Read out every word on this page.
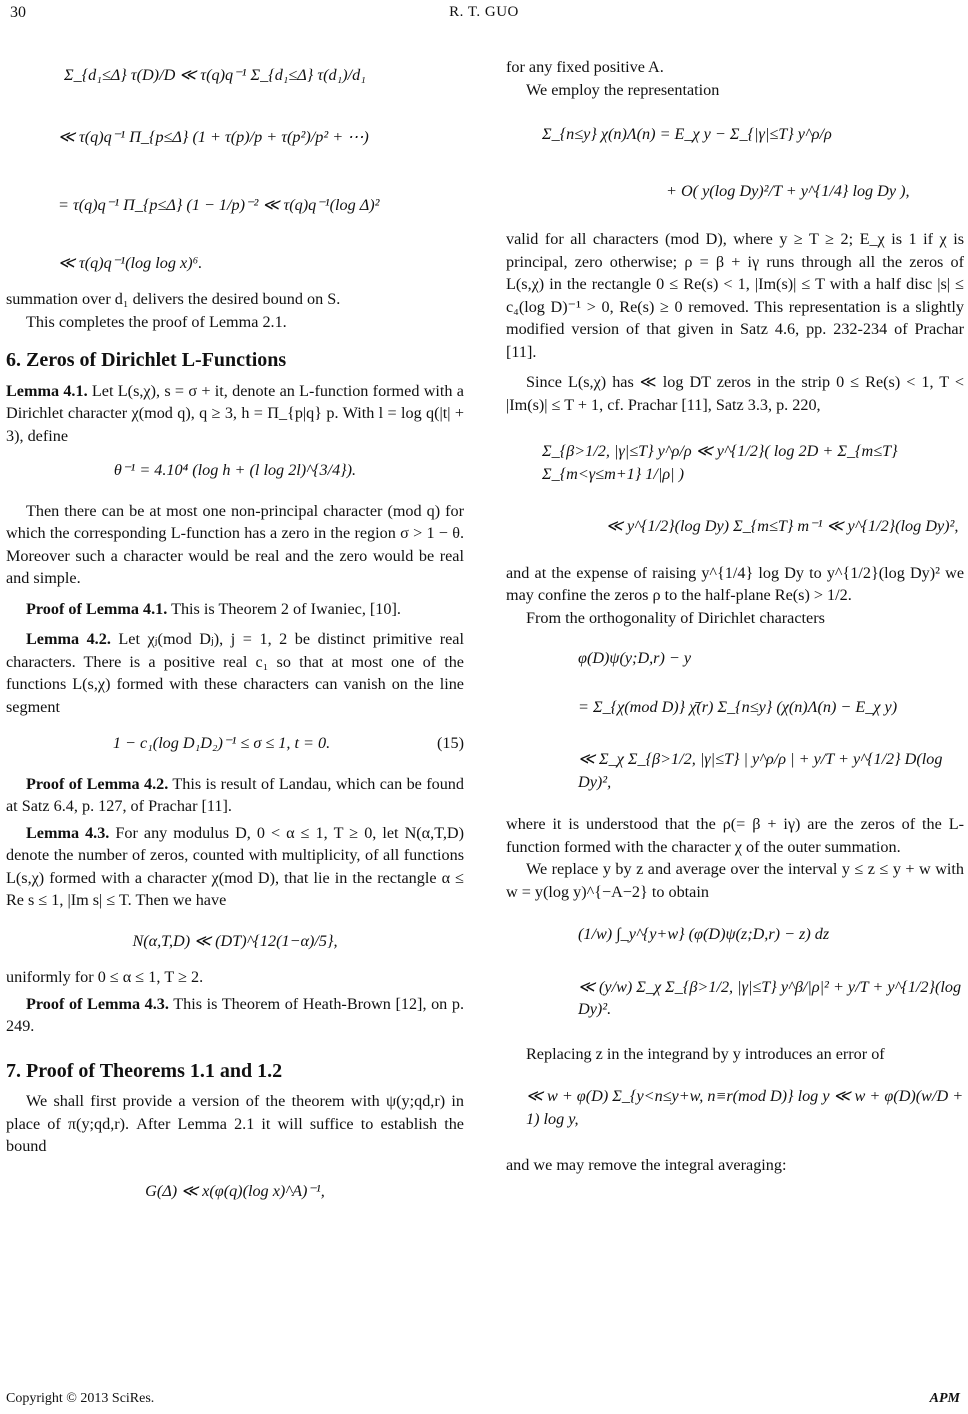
30	R. T. GUO
Σ_{d₁≤Δ} τ(D)/D ≪ τ(q)q⁻¹ Σ_{d₁≤Δ} τ(d₁)/d₁
≪ τ(q)q⁻¹ Π_{p≤Δ} (1 + τ(p)/p + τ(p²)/p² + ⋯)
= τ(q)q⁻¹ Π_{p≤Δ} (1 − 1/p)⁻² ≪ τ(q)q⁻¹(log Δ)²
≪ τ(q)q⁻¹(log log x)⁶.

summation over d₁ delivers the desired bound on S.

This completes the proof of Lemma 2.1.

6. Zeros of Dirichlet L-Functions

Lemma 4.1. Let L(s,χ), s = σ + it, denote an L-function formed with a Dirichlet character χ(mod q), q ≥ 3, h = Π_{p|q} p. With l = log q(|t| + 3), define

θ⁻¹ = 4.10⁴ (log h + (l log 2l)^{3/4}).

Then there can be at most one non-principal character (mod q) for which the corresponding L-function has a zero in the region σ > 1 − θ. Moreover such a character would be real and the zero would be real and simple.

Proof of Lemma 4.1. This is Theorem 2 of Iwaniec, [10].

Lemma 4.2. Let χⱼ(mod Dⱼ), j = 1, 2 be distinct primitive real characters. There is a positive real c₁ so that at most one of the functions L(s,χ) formed with these characters can vanish on the line segment

1 − c₁(log D₁D₂)⁻¹ ≤ σ ≤ 1, t = 0.	(15)

Proof of Lemma 4.2. This is result of Landau, which can be found at Satz 6.4, p. 127, of Prachar [11].

Lemma 4.3. For any modulus D, 0 < α ≤ 1, T ≥ 0, let N(α,T,D) denote the number of zeros, counted with multiplicity, of all functions L(s,χ) formed with a character χ(mod D), that lie in the rectangle α ≤ Re s ≤ 1, |Im s| ≤ T. Then we have

N(α,T,D) ≪ (DT)^{12(1−α)/5},

uniformly for 0 ≤ α ≤ 1, T ≥ 2.

Proof of Lemma 4.3. This is Theorem of Heath-Brown [12], on p. 249.

7. Proof of Theorems 1.1 and 1.2

We shall first provide a version of the theorem with ψ(y;qd,r) in place of π(y;qd,r). After Lemma 2.1 it will suffice to establish the bound

G(Δ) ≪ x(φ(q)(log x)^A)⁻¹,

for any fixed positive A.

We employ the representation

Σ_{n≤y} χ(n)Λ(n) = E_χ y − Σ_{|γ|≤T} y^ρ/ρ
+ O( y(log Dy)²/T + y^{1/4} log Dy ),

valid for all characters (mod D), where y ≥ T ≥ 2; E_χ is 1 if χ is principal, zero otherwise; ρ = β + iγ runs through all the zeros of L(s,χ) in the rectangle 0 ≤ Re(s) < 1, |Im(s)| ≤ T with a half disc |s| ≤ c₄(log D)⁻¹ > 0, Re(s) ≥ 0 removed. This representation is a slightly modified version of that given in Satz 4.6, pp. 232-234 of Prachar [11].

Since L(s,χ) has ≪ log DT zeros in the strip 0 ≤ Re(s) < 1, T < |Im(s)| ≤ T + 1, cf. Prachar [11], Satz 3.3, p. 220,

Σ_{β>1/2, |γ|≤T} y^ρ/ρ ≪ y^{1/2}( log 2D + Σ_{m≤T} Σ_{m<γ≤m+1} 1/|ρ| )
≪ y^{1/2}(log Dy) Σ_{m≤T} m⁻¹ ≪ y^{1/2}(log Dy)²,

and at the expense of raising y^{1/4} log Dy to y^{1/2}(log Dy)² we may confine the zeros ρ to the half-plane Re(s) > 1/2.

From the orthogonality of Dirichlet characters

φ(D)ψ(y;D,r) − y
= Σ_{χ(mod D)} χ̄(r) Σ_{n≤y} (χ(n)Λ(n) − E_χ y)
≪ Σ_χ Σ_{β>1/2, |γ|≤T} | y^ρ/ρ | + y/T + y^{1/2} D(log Dy)²,

where it is understood that the ρ(= β + iγ) are the zeros of the L-function formed with the character χ of the outer summation.

We replace y by z and average over the interval y ≤ z ≤ y + w with w = y(log y)^{−A−2} to obtain

(1/w) ∫_y^{y+w} (φ(D)ψ(z;D,r) − z) dz
≪ (y/w) Σ_χ Σ_{β>1/2, |γ|≤T} y^β/|ρ|² + y/T + y^{1/2}(log Dy)².

Replacing z in the integrand by y introduces an error of

≪ w + φ(D) Σ_{y<n≤y+w, n≡r(mod D)} log y ≪ w + φ(D)(w/D + 1) log y,

and we may remove the integral averaging:

Copyright © 2013 SciRes.	APM
